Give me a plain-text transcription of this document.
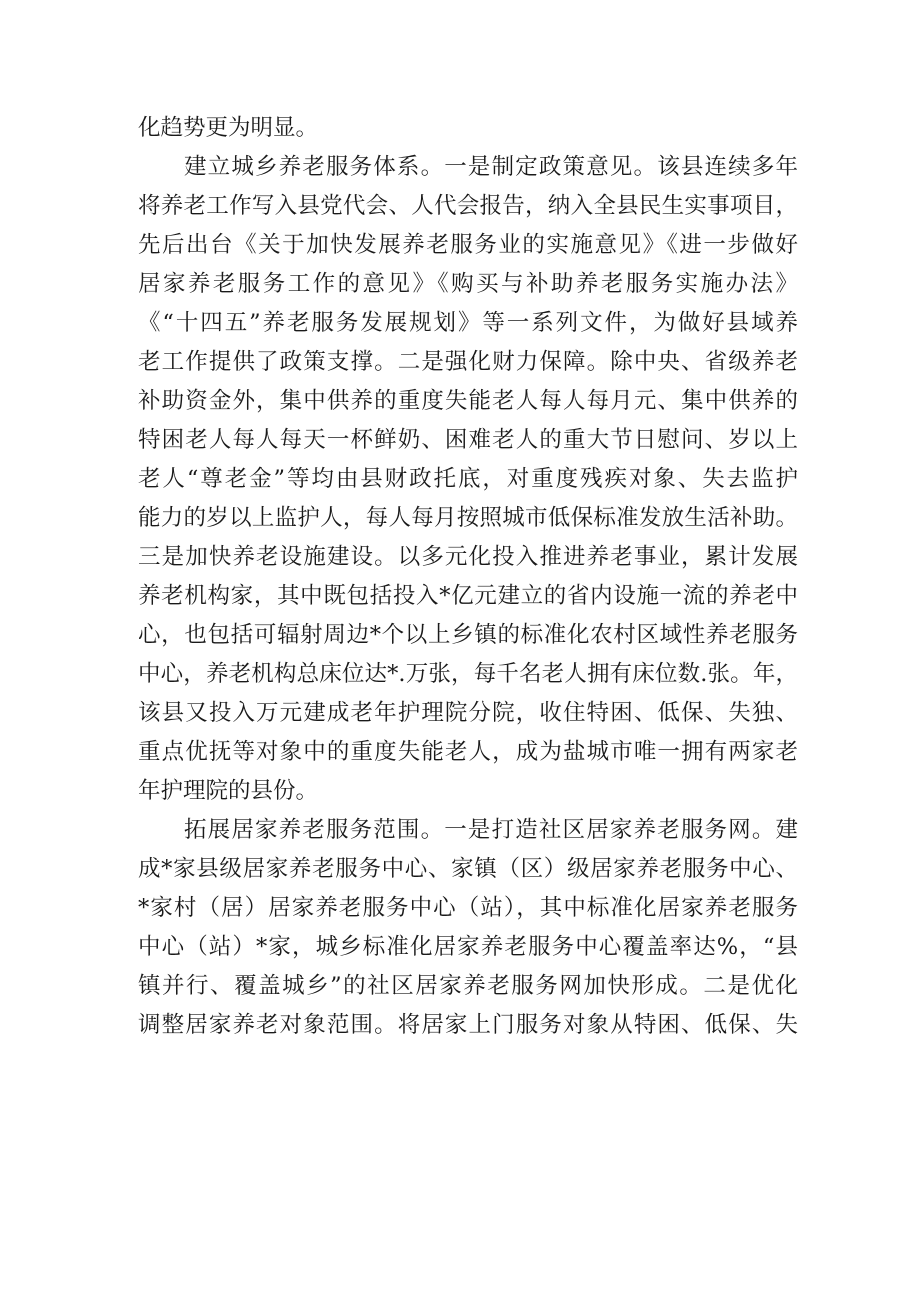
化趋势更为明显。
建立城乡养老服务体系。一是制定政策意见。该县连续多年
将养老工作写入县党代会、人代会报告，纳入全县民生实事项目，
先后出台《关于加快发展养老服务业的实施意见》《进一步做好
居家养老服务工作的意见》《购买与补助养老服务实施办法》
《“十四五”养老服务发展规划》等一系列文件，为做好县域养
老工作提供了政策支撑。二是强化财力保障。除中央、省级养老
补助资金外，集中供养的重度失能老人每人每月元、集中供养的
特困老人每人每天一杯鲜奶、困难老人的重大节日慰问、岁以上
老人“尊老金”等均由县财政托底，对重度残疾对象、失去监护
能力的岁以上监护人，每人每月按照城市低保标准发放生活补助。
三是加快养老设施建设。以多元化投入推进养老事业，累计发展
养老机构家，其中既包括投入*亿元建立的省内设施一流的养老中
心，也包括可辐射周边*个以上乡镇的标准化农村区域性养老服务
中心，养老机构总床位达*.万张，每千名老人拥有床位数.张。年，
该县又投入万元建成老年护理院分院，收住特困、低保、失独、
重点优抚等对象中的重度失能老人，成为盐城市唯一拥有两家老
年护理院的县份。
拓展居家养老服务范围。一是打造社区居家养老服务网。建
成*家县级居家养老服务中心、家镇（区）级居家养老服务中心、
*家村（居）居家养老服务中心（站），其中标准化居家养老服务
中心（站）*家，城乡标准化居家养老服务中心覆盖率达%，“县
镇并行、覆盖城乡”的社区居家养老服务网加快形成。二是优化
调整居家养老对象范围。将居家上门服务对象从特困、低保、失
